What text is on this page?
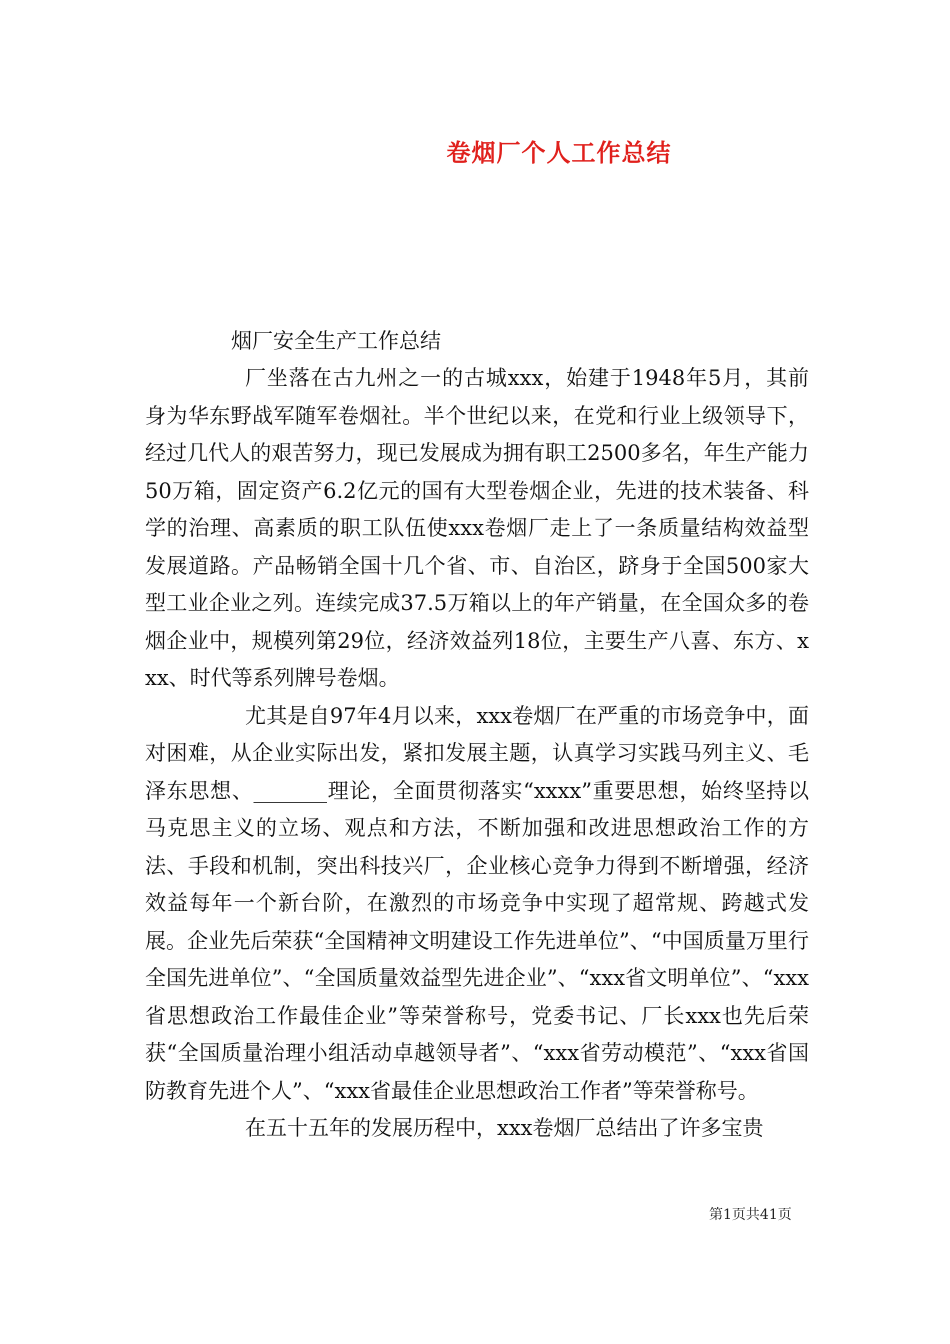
卷烟厂个人工作总结

烟厂安全生产工作总结

厂坐落在古九州之一的古城xxx，始建于1948年5月，其前身为华东野战军随军卷烟社。半个世纪以来，在党和行业上级领导下，经过几代人的艰苦努力，现已发展成为拥有职工2500多名，年生产能力50万箱，固定资产6.2亿元的国有大型卷烟企业，先进的技术装备、科学的治理、高素质的职工队伍使xxx卷烟厂走上了一条质量结构效益型发展道路。产品畅销全国十几个省、市、自治区，跻身于全国500家大型工业企业之列。连续完成37.5万箱以上的年产销量，在全国众多的卷烟企业中，规模列第29位，经济效益列18位，主要生产八喜、东方、xxx、时代等系列牌号卷烟。

尤其是自97年4月以来，xxx卷烟厂在严重的市场竞争中，面对困难，从企业实际出发，紧扣发展主题，认真学习实践马列主义、毛泽东思想、_______理论，全面贯彻落实“xxxx”重要思想，始终坚持以马克思主义的立场、观点和方法，不断加强和改进思想政治工作的方法、手段和机制，突出科技兴厂，企业核心竞争力得到不断增强，经济效益每年一个新台阶，在激烈的市场竞争中实现了超常规、跨越式发展。企业先后荣获“全国精神文明建设工作先进单位”、“中国质量万里行全国先进单位”、“全国质量效益型先进企业”、“xxx省文明单位”、“xxx省思想政治工作最佳企业”等荣誉称号，党委书记、厂长xxx也先后荣获“全国质量治理小组活动卓越领导者”、“xxx省劳动模范”、“xxx省国防教育先进个人”、“xxx省最佳企业思想政治工作者”等荣誉称号。

在五十五年的发展历程中，xxx卷烟厂总结出了许多宝贵

第1页共41页
